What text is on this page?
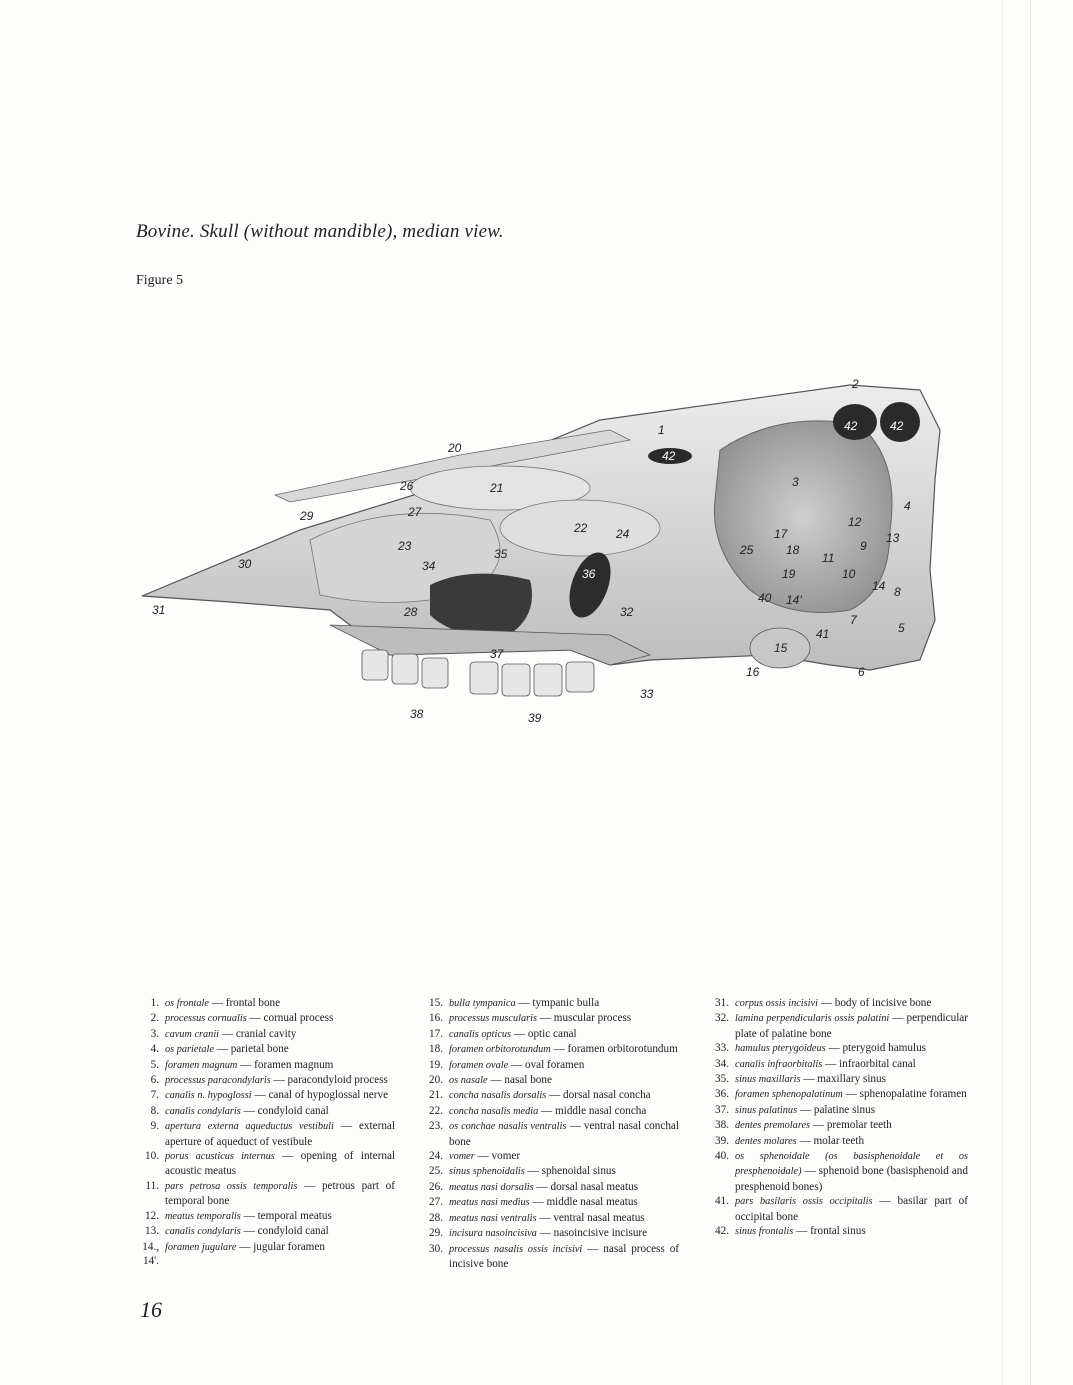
Bovine. Skull (without mandible), median view.
Figure 5
1
2
3
4
5
6
7
8
9
10
11
12
13
14
14'
15
16
17
18
19
20
21
22
23
24
25
26
27
28
29
30
31	32
33
34
35
36
37
38	39
40
41
42	42
42
1. os frontale — frontal bone
2. processus cornualis — cornual process
3. cavum cranii — cranial cavity
4. os parietale — parietal bone
5. foramen magnum — foramen magnum
6. processus paracondylaris — paracondyloid process
7. canalis n. hypoglossi — canal of hypoglossal nerve
8. canalis condylaris — condyloid canal
9. apertura externa aqueductus vestibuli — external aperture of aqueduct of vestibule
10. porus acusticus internus — opening of internal acoustic meatus
11. pars petrosa ossis temporalis — petrous part of temporal bone
12. meatus temporalis — temporal meatus
13. canalis condylaris — condyloid canal
14., 14'.
foramen jugulare — jugular foramen
15. bulla tympanica — tympanic bulla
16. processus muscularis — muscular process
17. canalis opticus — optic canal
18. foramen orbitorotundum — foramen orbitorotundum
19. foramen ovale — oval foramen
20. os nasale — nasal bone
21. concha nasalis dorsalis — dorsal nasal concha
22. concha nasalis media — middle nasal concha
23. os conchae nasalis ventralis — ventral nasal conchal bone
24. vomer — vomer
25. sinus sphenoidalis — sphenoidal sinus
26. meatus nasi dorsalis — dorsal nasal meatus
27. meatus nasi medius — middle nasal meatus
28. meatus nasi ventralis — ventral nasal meatus
29. incisura nasoincisiva — nasoincisive incisure
30. processus nasalis ossis incisivi — nasal process of incisive bone
31. corpus ossis incisivi — body of incisive bone
32. lamina perpendicularis ossis palatini — perpendicular plate of palatine bone
33. hamulus pterygoideus — pterygoid hamulus
34. canalis infraorbitalis — infraorbital canal
35. sinus maxillaris — maxillary sinus
36. foramen sphenopalatinum — sphenopalatine foramen
37. sinus palatinus — palatine sinus
38. dentes premolares — premolar teeth
39. dentes molares — molar teeth
40. os sphenoidale (os basisphenoidale et os presphenoidale) — sphenoid bone (basisphenoid and presphenoid bones)
41. pars basilaris ossis occipitalis — basilar part of occipital bone
42. sinus frontalis — frontal sinus
16
